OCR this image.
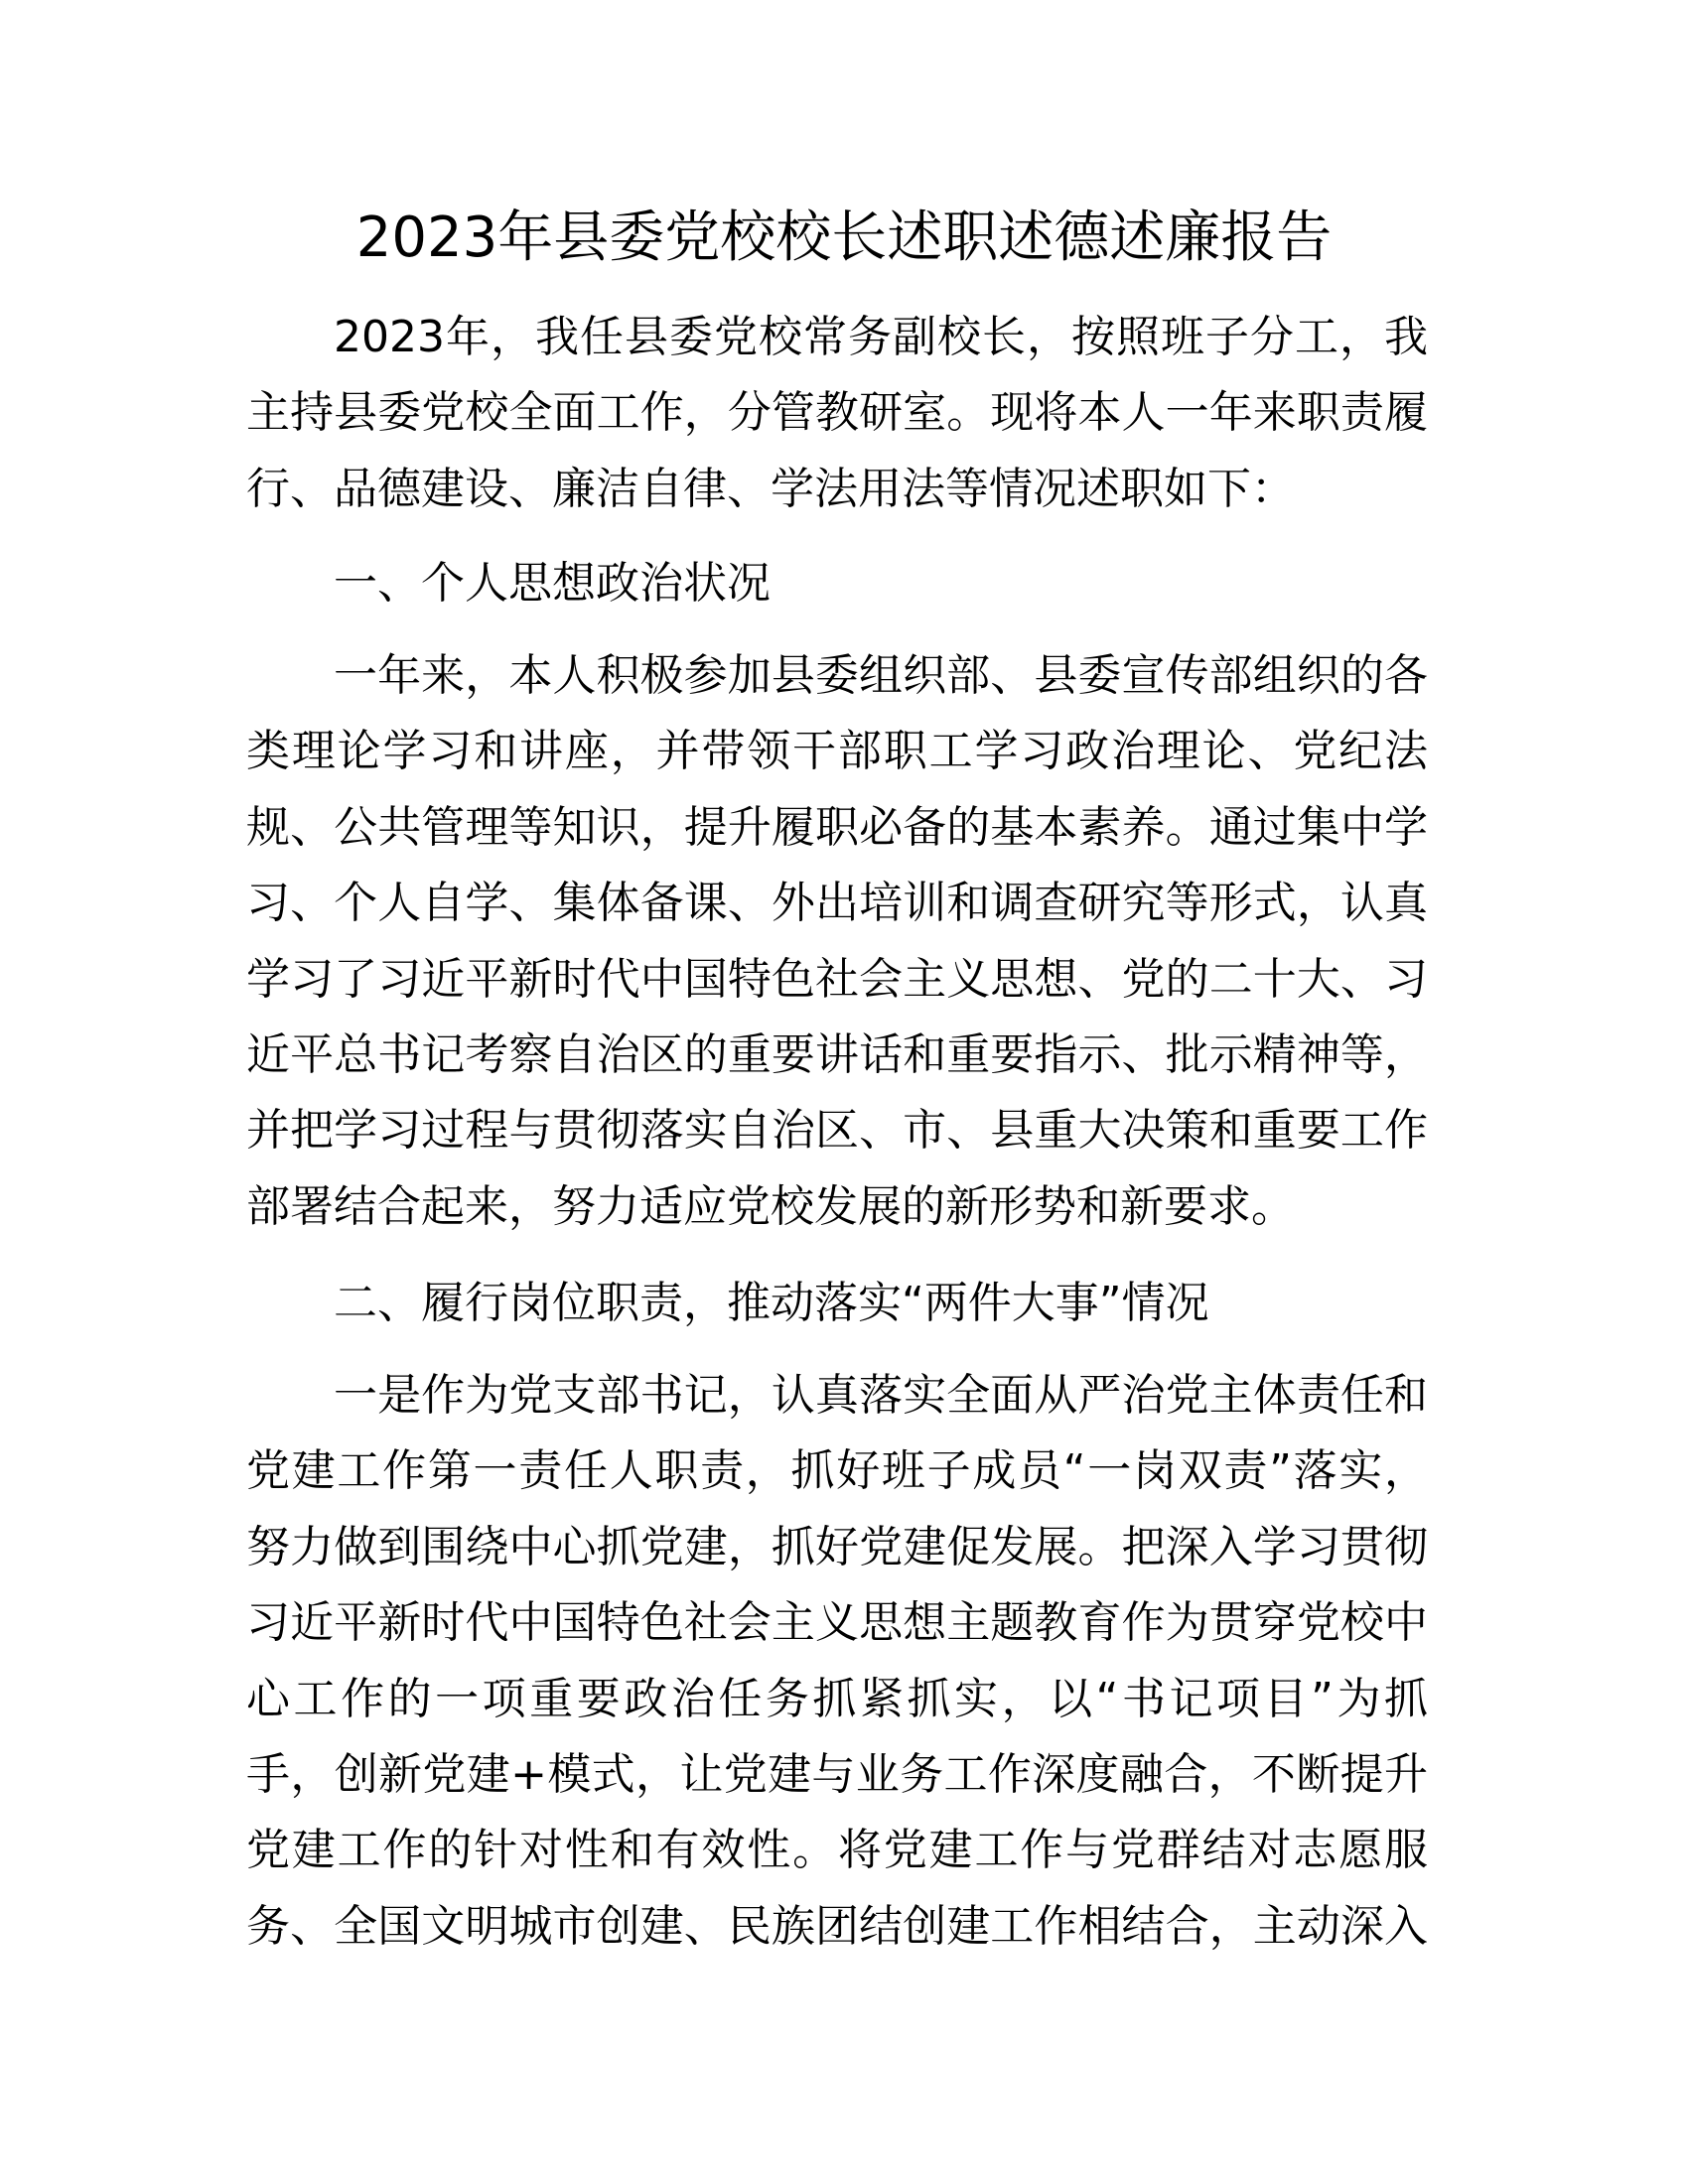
2023年县委党校校长述职述德述廉报告
2023年，我任县委党校常务副校长，按照班子分工，我
主持县委党校全面工作，分管教研室。现将本人一年来职责履
行、品德建设、廉洁自律、学法用法等情况述职如下：
一、个人思想政治状况
一年来，本人积极参加县委组织部、县委宣传部组织的各
类理论学习和讲座，并带领干部职工学习政治理论、党纪法
规、公共管理等知识，提升履职必备的基本素养。通过集中学
习、个人自学、集体备课、外出培训和调查研究等形式，认真
学习了习近平新时代中国特色社会主义思想、党的二十大、习
近平总书记考察自治区的重要讲话和重要指示、批示精神等，
并把学习过程与贯彻落实自治区、市、县重大决策和重要工作
部署结合起来，努力适应党校发展的新形势和新要求。
二、履行岗位职责，推动落实“两件大事”情况
一是作为党支部书记，认真落实全面从严治党主体责任和
党建工作第一责任人职责，抓好班子成员“一岗双责”落实，
努力做到围绕中心抓党建，抓好党建促发展。把深入学习贯彻
习近平新时代中国特色社会主义思想主题教育作为贯穿党校中
心工作的一项重要政治任务抓紧抓实，以“书记项目”为抓
手，创新党建+模式，让党建与业务工作深度融合，不断提升
党建工作的针对性和有效性。将党建工作与党群结对志愿服
务、全国文明城市创建、民族团结创建工作相结合，主动深入
